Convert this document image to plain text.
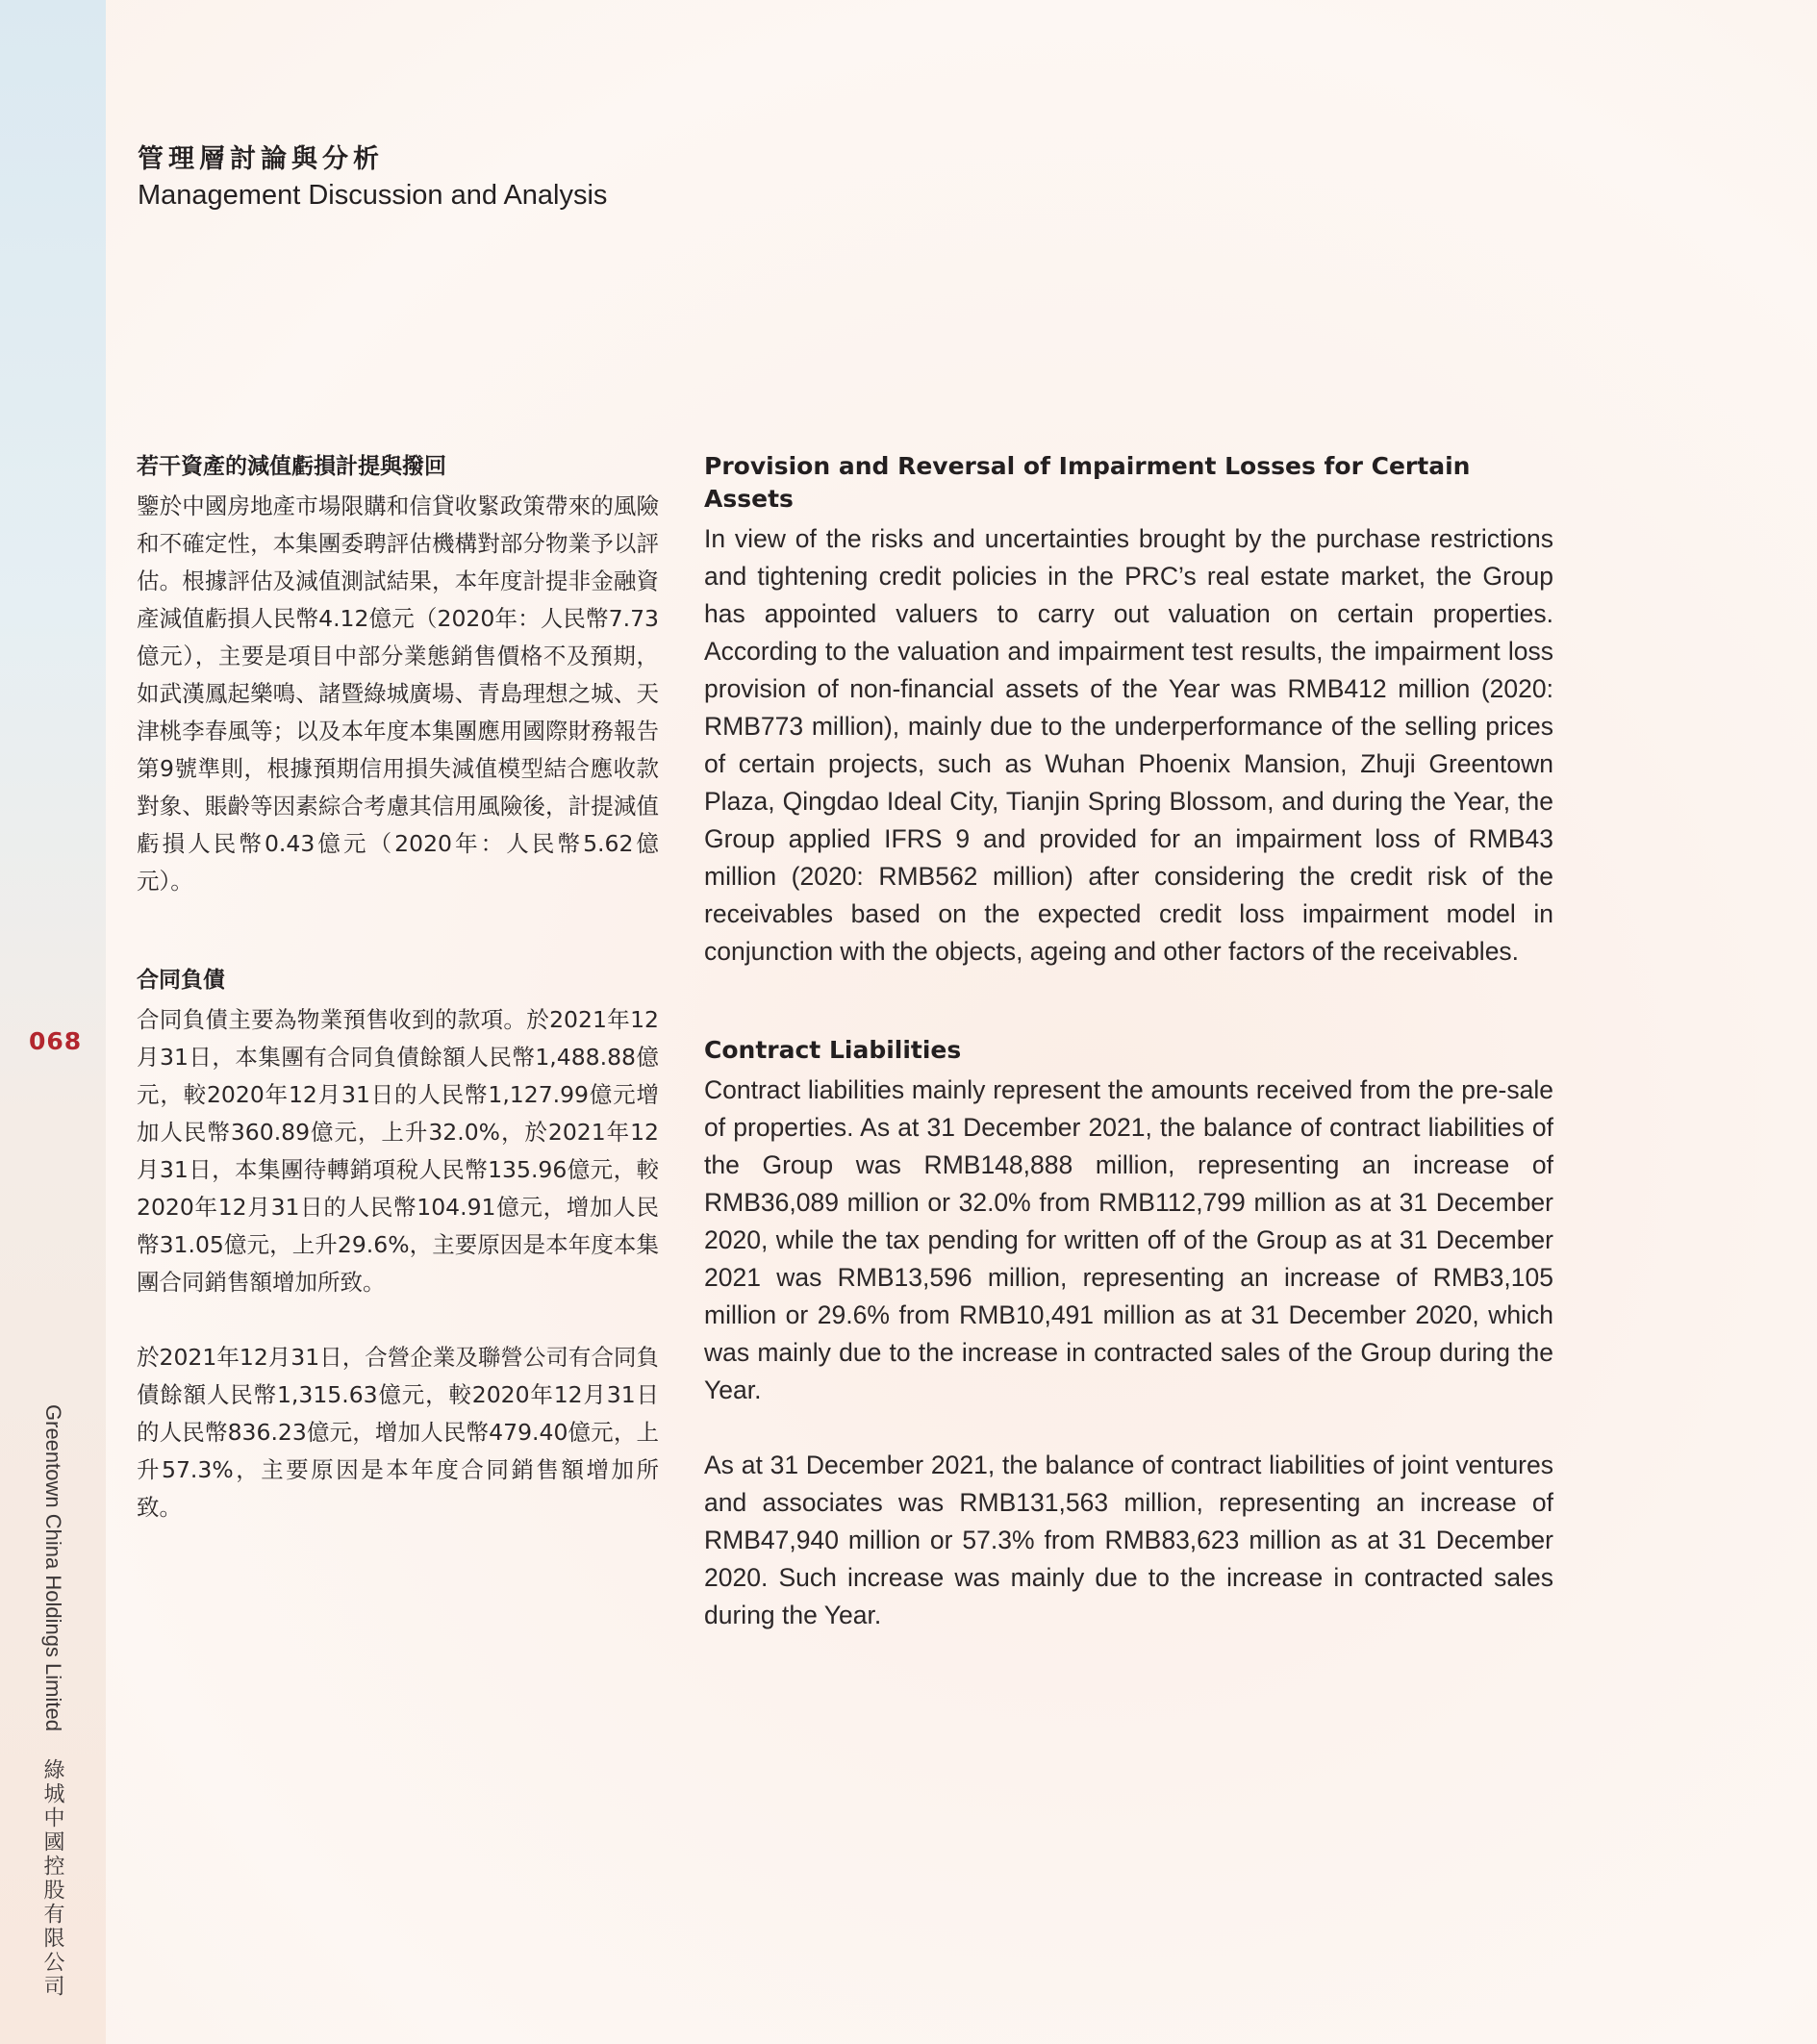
管理層討論與分析
Management Discussion and Analysis
若干資產的減值虧損計提與撥回

鑒於中國房地產市場限購和信貸收緊政策帶來的風險和不確定性，本集團委聘評估機構對部分物業予以評估。根據評估及減值測試結果，本年度計提非金融資產減值虧損人民幣4.12億元（2020年：人民幣7.73億元），主要是項目中部分業態銷售價格不及預期，如武漢鳳起樂鳴、諸暨綠城廣場、青島理想之城、天津桃李春風等；以及本年度本集團應用國際財務報告第9號準則，根據預期信用損失減值模型結合應收款對象、賬齡等因素綜合考慮其信用風險後，計提減值虧損人民幣0.43億元（2020年：人民幣5.62億元）。

合同負債

合同負債主要為物業預售收到的款項。於2021年12月31日，本集團有合同負債餘額人民幣1,488.88億元，較2020年12月31日的人民幣1,127.99億元增加人民幣360.89億元，上升32.0%，於2021年12月31日，本集團待轉銷項稅人民幣135.96億元，較2020年12月31日的人民幣104.91億元，增加人民幣31.05億元，上升29.6%，主要原因是本年度本集團合同銷售額增加所致。

於2021年12月31日，合營企業及聯營公司有合同負債餘額人民幣1,315.63億元，較2020年12月31日的人民幣836.23億元，增加人民幣479.40億元，上升57.3%，主要原因是本年度合同銷售額增加所致。

Provision and Reversal of Impairment Losses for Certain Assets

In view of the risks and uncertainties brought by the purchase restrictions and tightening credit policies in the PRC’s real estate market, the Group has appointed valuers to carry out valuation on certain properties. According to the valuation and impairment test results, the impairment loss provision of non-financial assets of the Year was RMB412 million (2020: RMB773 million), mainly due to the underperformance of the selling prices of certain projects, such as Wuhan Phoenix Mansion, Zhuji Greentown Plaza, Qingdao Ideal City, Tianjin Spring Blossom, and during the Year, the Group applied IFRS 9 and provided for an impairment loss of RMB43 million (2020: RMB562 million) after considering the credit risk of the receivables based on the expected credit loss impairment model in conjunction with the objects, ageing and other factors of the receivables.

Contract Liabilities

Contract liabilities mainly represent the amounts received from the pre-sale of properties. As at 31 December 2021, the balance of contract liabilities of the Group was RMB148,888 million, representing an increase of RMB36,089 million or 32.0% from RMB112,799 million as at 31 December 2020, while the tax pending for written off of the Group as at 31 December 2021 was RMB13,596 million, representing an increase of RMB3,105 million or 29.6% from RMB10,491 million as at 31 December 2020, which was mainly due to the increase in contracted sales of the Group during the Year.

As at 31 December 2021, the balance of contract liabilities of joint ventures and associates was RMB131,563 million, representing an increase of RMB47,940 million or 57.3% from RMB83,623 million as at 31 December 2020. Such increase was mainly due to the increase in contracted sales during the Year.

068
Greentown China Holdings Limited 綠城中國控股有限公司
